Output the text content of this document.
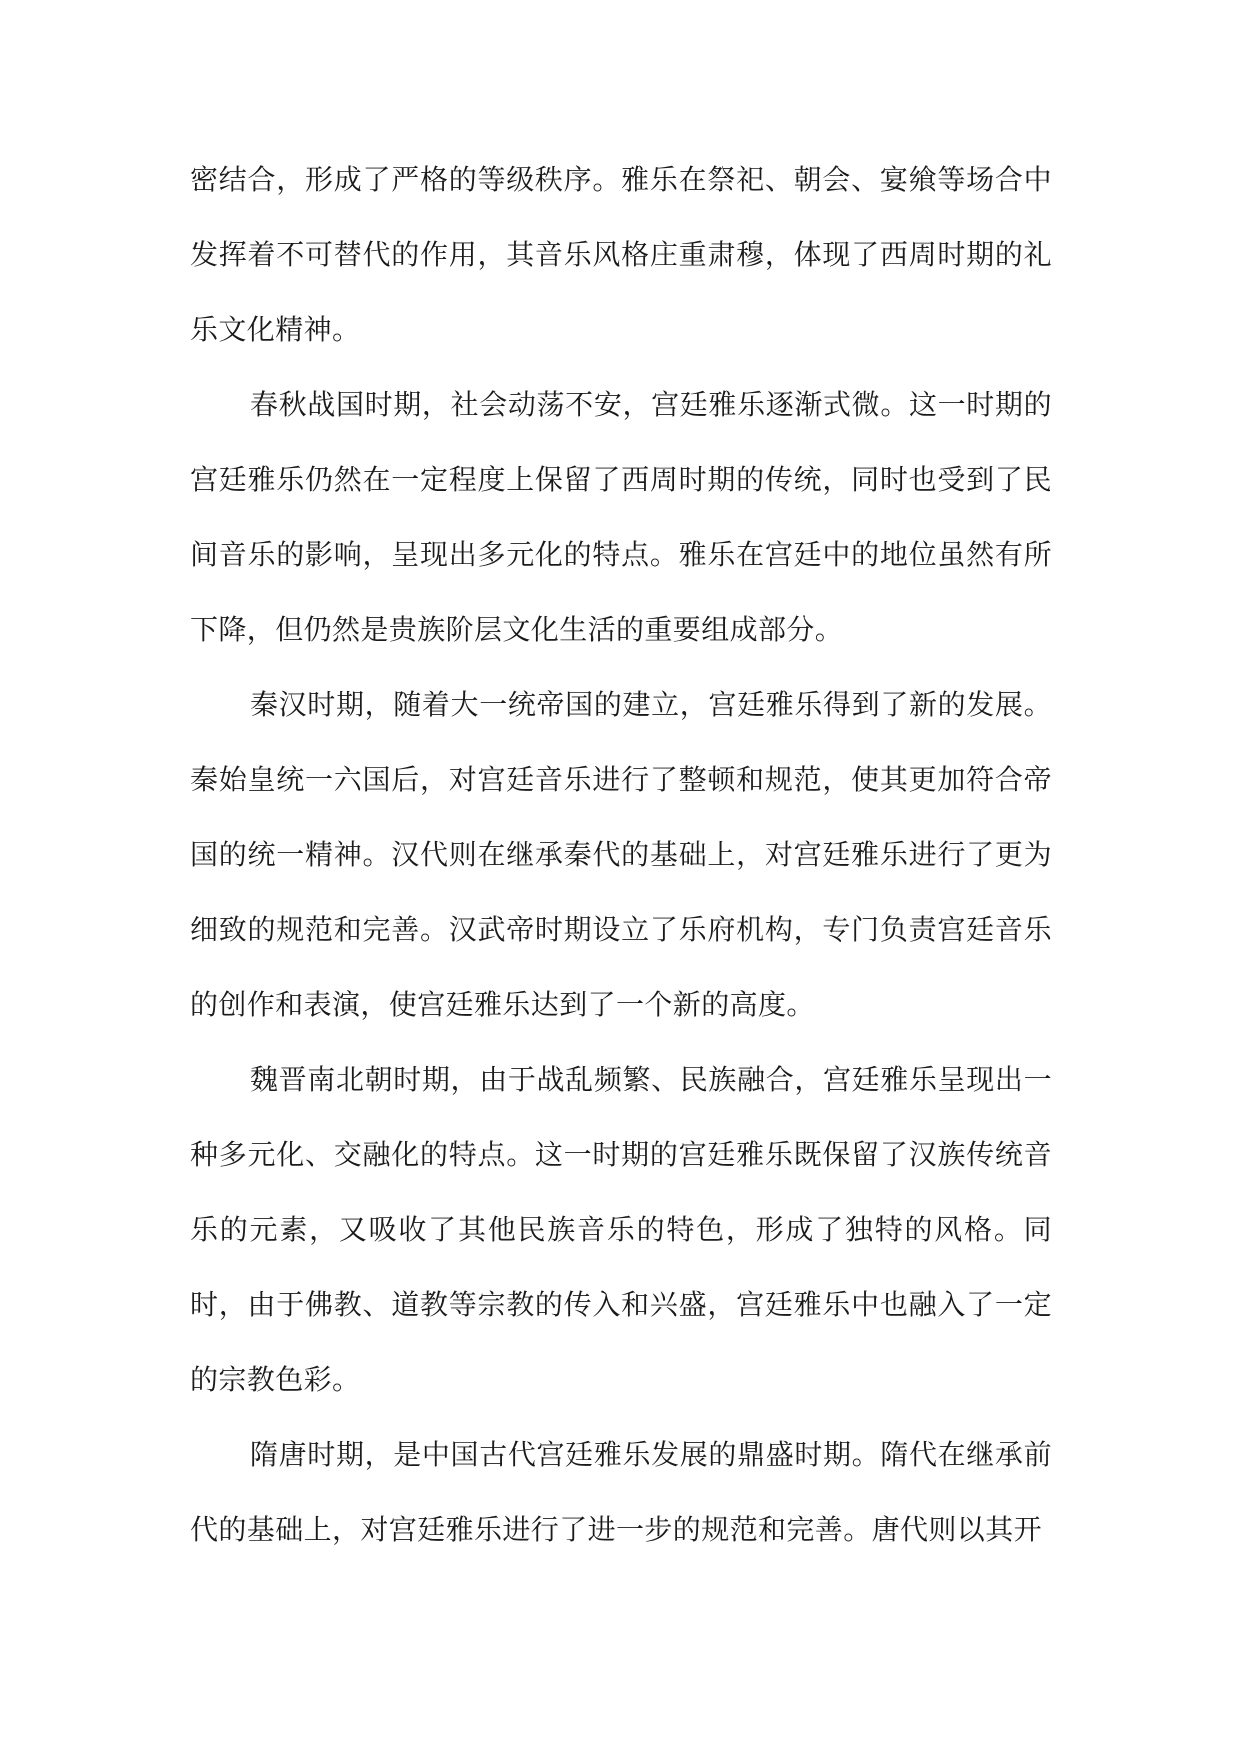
密结合，形成了严格的等级秩序。雅乐在祭祀、朝会、宴飨等场合中发挥着不可替代的作用，其音乐风格庄重肃穆，体现了西周时期的礼乐文化精神。

春秋战国时期，社会动荡不安，宫廷雅乐逐渐式微。这一时期的宫廷雅乐仍然在一定程度上保留了西周时期的传统，同时也受到了民间音乐的影响，呈现出多元化的特点。雅乐在宫廷中的地位虽然有所下降，但仍然是贵族阶层文化生活的重要组成部分。

秦汉时期，随着大一统帝国的建立，宫廷雅乐得到了新的发展。秦始皇统一六国后，对宫廷音乐进行了整顿和规范，使其更加符合帝国的统一精神。汉代则在继承秦代的基础上，对宫廷雅乐进行了更为细致的规范和完善。汉武帝时期设立了乐府机构，专门负责宫廷音乐的创作和表演，使宫廷雅乐达到了一个新的高度。

魏晋南北朝时期，由于战乱频繁、民族融合，宫廷雅乐呈现出一种多元化、交融化的特点。这一时期的宫廷雅乐既保留了汉族传统音乐的元素，又吸收了其他民族音乐的特色，形成了独特的风格。同时，由于佛教、道教等宗教的传入和兴盛，宫廷雅乐中也融入了一定的宗教色彩。

隋唐时期，是中国古代宫廷雅乐发展的鼎盛时期。隋代在继承前代的基础上，对宫廷雅乐进行了进一步的规范和完善。唐代则以其开
